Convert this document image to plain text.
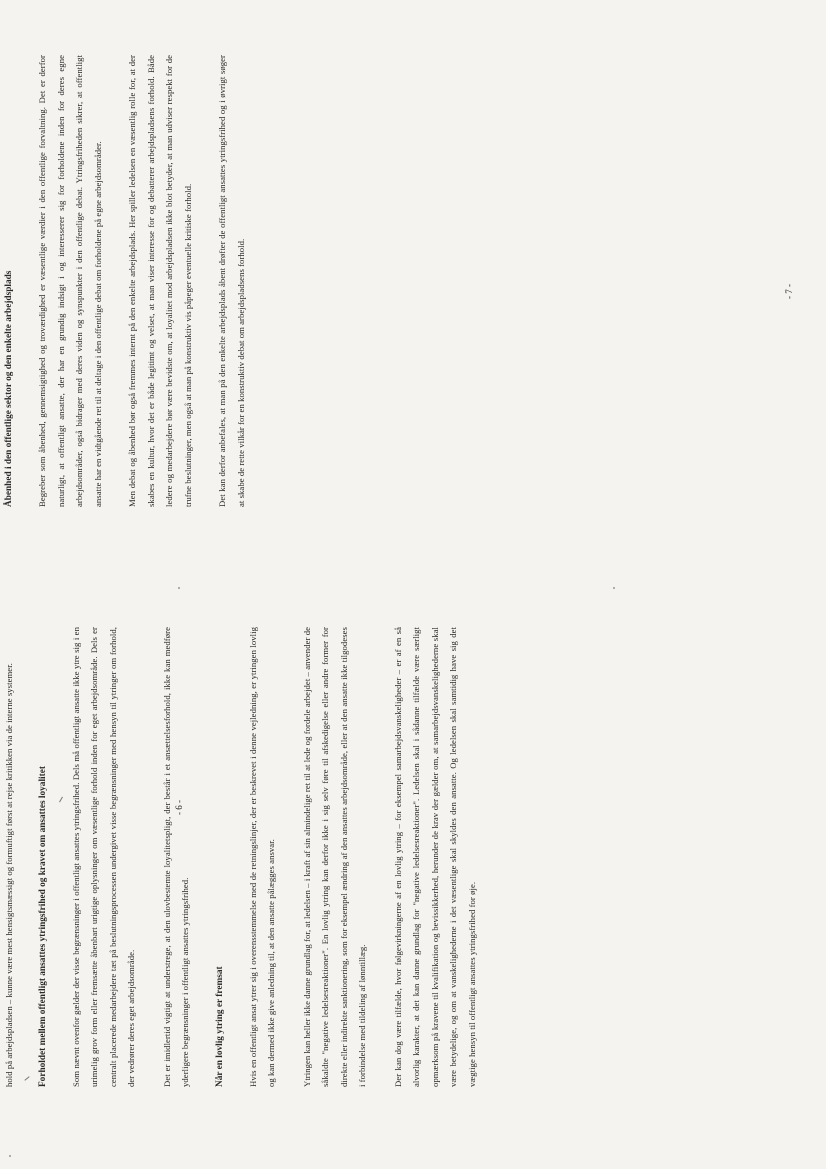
hold på arbejdspladsen – kunne være mest hensigtsmæssigt og formuftigt først at rejse kritikken via de interne systemer.	Forholdet mellem offentligt ansattes ytringsfrihed og kravet om ansattes loyalitet	Som nævnt ovenfor gælder der visse begrænsninger i offentligt ansattes ytringsfrihed. Dels må offentligt ansatte ikke ytre sig i en urimelig grov form eller fremsætte åbenbart urigtige oplysninger om væsentlige forhold inden for eget arbejdsområde. Dels er centralt placerede medarbejdere tæt på beslutningsprocessen undergivet visse begrænsninger med hensyn til ytringer om forhold, der vedrører deres eget arbejdsområde.	Det er imidlertid vigtigt at understrege, at den ulovbestemte loyalitetspligt, der består i et ansættelsesforhold, ikke kan medføre yderligere begrænsninger i offentligt ansattes ytringsfrihed.	Når en lovlig ytring er fremsat	Hvis en offentligt ansat ytrer sig i overensstemmelse med de retningslinjer, der er beskrevet i denne vejledning, er ytringen lovlig og kan dermed ikke give anledning til, at den ansatte pålægges ansvar.	Ytringen kan heller ikke danne grundlag for, at ledelsen – i kraft af sin almindelige ret til at lede og fordele arbejdet – anvender de såkaldte "negative ledelsesreaktioner". En lovlig ytring kan derfor ikke i sig selv føre til afskedigelse eller andre former for direkte eller indirekte sanktionering, som for eksempel ændring af den ansattes arbejdsområde, eller at den ansatte ikke tilgodeses i forbindelse med tildeling af lønntillæg.	Der kan dog være tilfælde, hvor følgevirkningerne af en lovlig ytring – for eksempel samarbejdsvanskeligheder – er af en så alvorlig karakter, at det kan danne grundlag for "negative ledelsesreaktioner". Ledelsen skal i sådanne tilfælde være særligt opmærksom på kravene til kvalifikation og bevissikkerhed, herunder de krav der gælder om, at samarbejdsvanskelighederne skal være betydelige, og om at vanskelighederne i det væsentlige skal skyldes den ansatte. Og ledelsen skal samtidig have sig det vægtige hensyn til offentligt ansattes ytringsfrihed for øje.

- 6 -
Åbenhed i den offentlige sektor og den enkelte arbejdsplads	Begreber som åbenhed, gennemsigtighed og troværdighed er væsentlige værdier i den offentlige forvaltning. Det er derfor naturligt, at offentligt ansatte, der har en grundig indsigt i og interesserer sig for forholdene inden for deres egne arbejdsområder, også bidrager med deres viden og synspunkter i den offentlige debat. Ytringsfriheden sikrer, at offentligt ansatte har en vidtgående ret til at deltage i den offentlige debat om forholdene på egne arbejdsområder.	Men debat og åbenhed bør også fremmes internt på den enkelte arbejdsplads. Her spiller ledelsen en væsentlig rolle for, at der skabes en kultur, hvor det er både legitimt og velset, at man viser interesse for og debatterer arbejdspladsens forhold. Både ledere og medarbejdere bør være bevidste om, at loyalitet mod arbejdspladsen ikke blot betyder, at man udviser respekt for de trufne beslutninger, men også at man på konstruktiv vis påpeger eventuelle kritiske forhold.	Det kan derfor anbefales, at man på den enkelte arbejdsplads åbent drøfter de offentligt ansattes ytringsfrihed og i øvrigt søger at skabe de rette vilkår for en konstruktiv debat om arbejdspladsens forhold.	- 7 -
